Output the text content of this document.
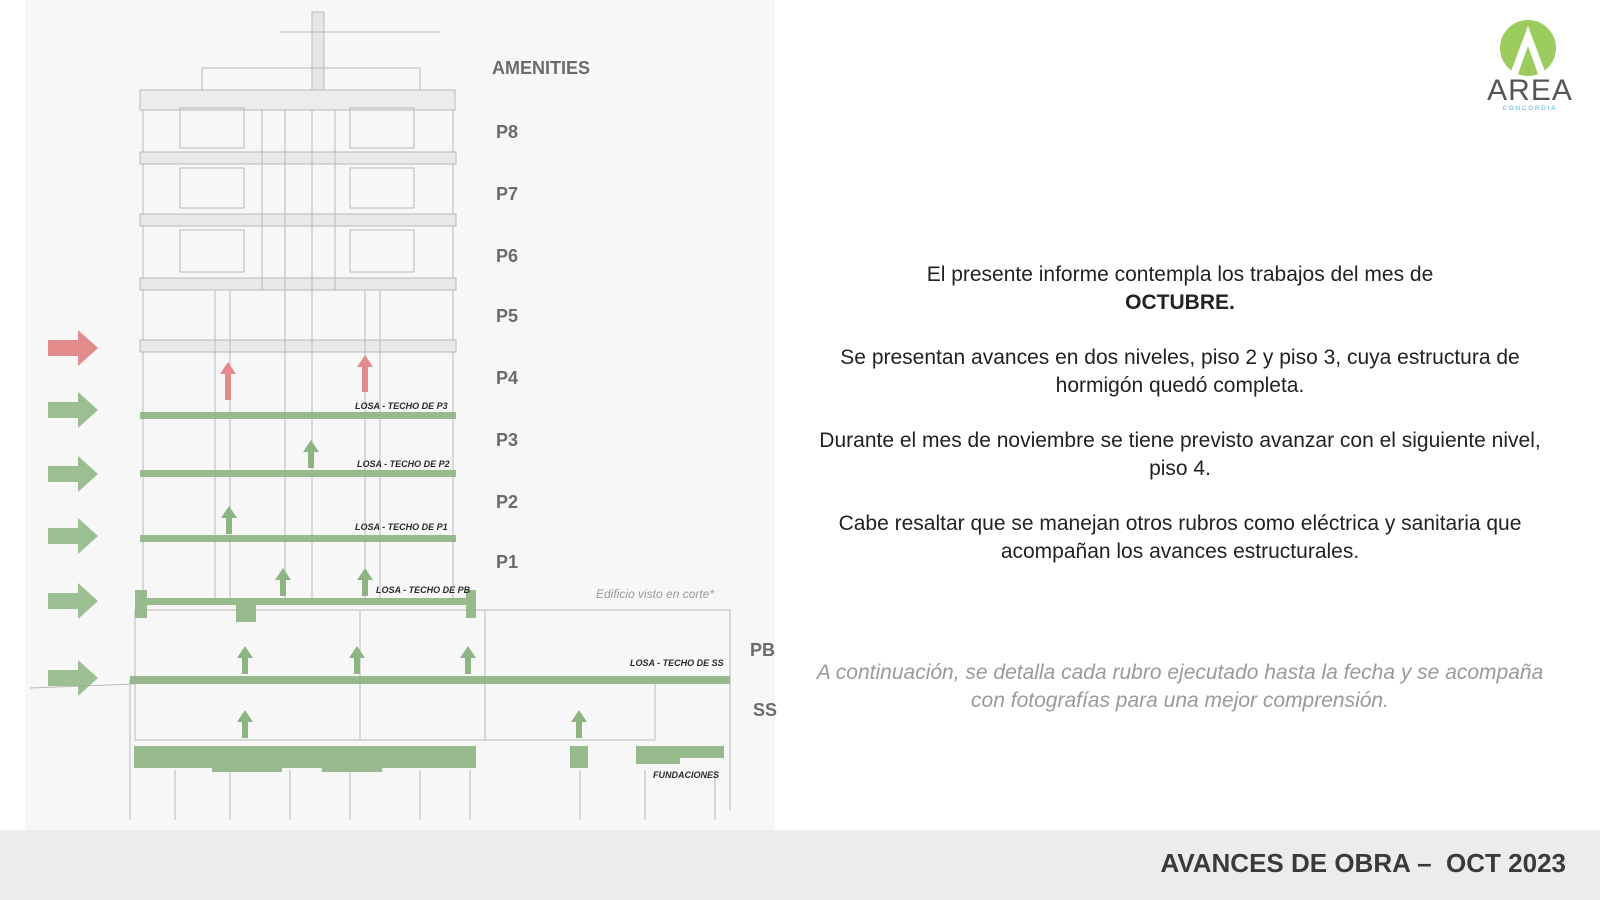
AMENITIES
P8
P7
P6
P5
P4
P3
P2
P1
PB
SS
LOSA - TECHO DE P3
LOSA - TECHO DE P2
LOSA - TECHO DE P1
LOSA - TECHO DE PB
LOSA - TECHO DE SS
FUNDACIONES
Edificio visto en corte*
AREA
CONCORDIA
El presente informe contempla los trabajos del mes de
OCTUBRE.
Se presentan avances en dos niveles, piso 2 y piso 3, cuya estructura de hormigón quedó completa.
Durante el mes de noviembre se tiene previsto avanzar con el siguiente nivel, piso 4.
Cabe resaltar que se manejan otros rubros como eléctrica y sanitaria que acompañan los avances estructurales.
A continuación, se detalla cada rubro ejecutado hasta la fecha y se acompaña con fotografías para una mejor comprensión.
AVANCES DE OBRA –  OCT 2023
